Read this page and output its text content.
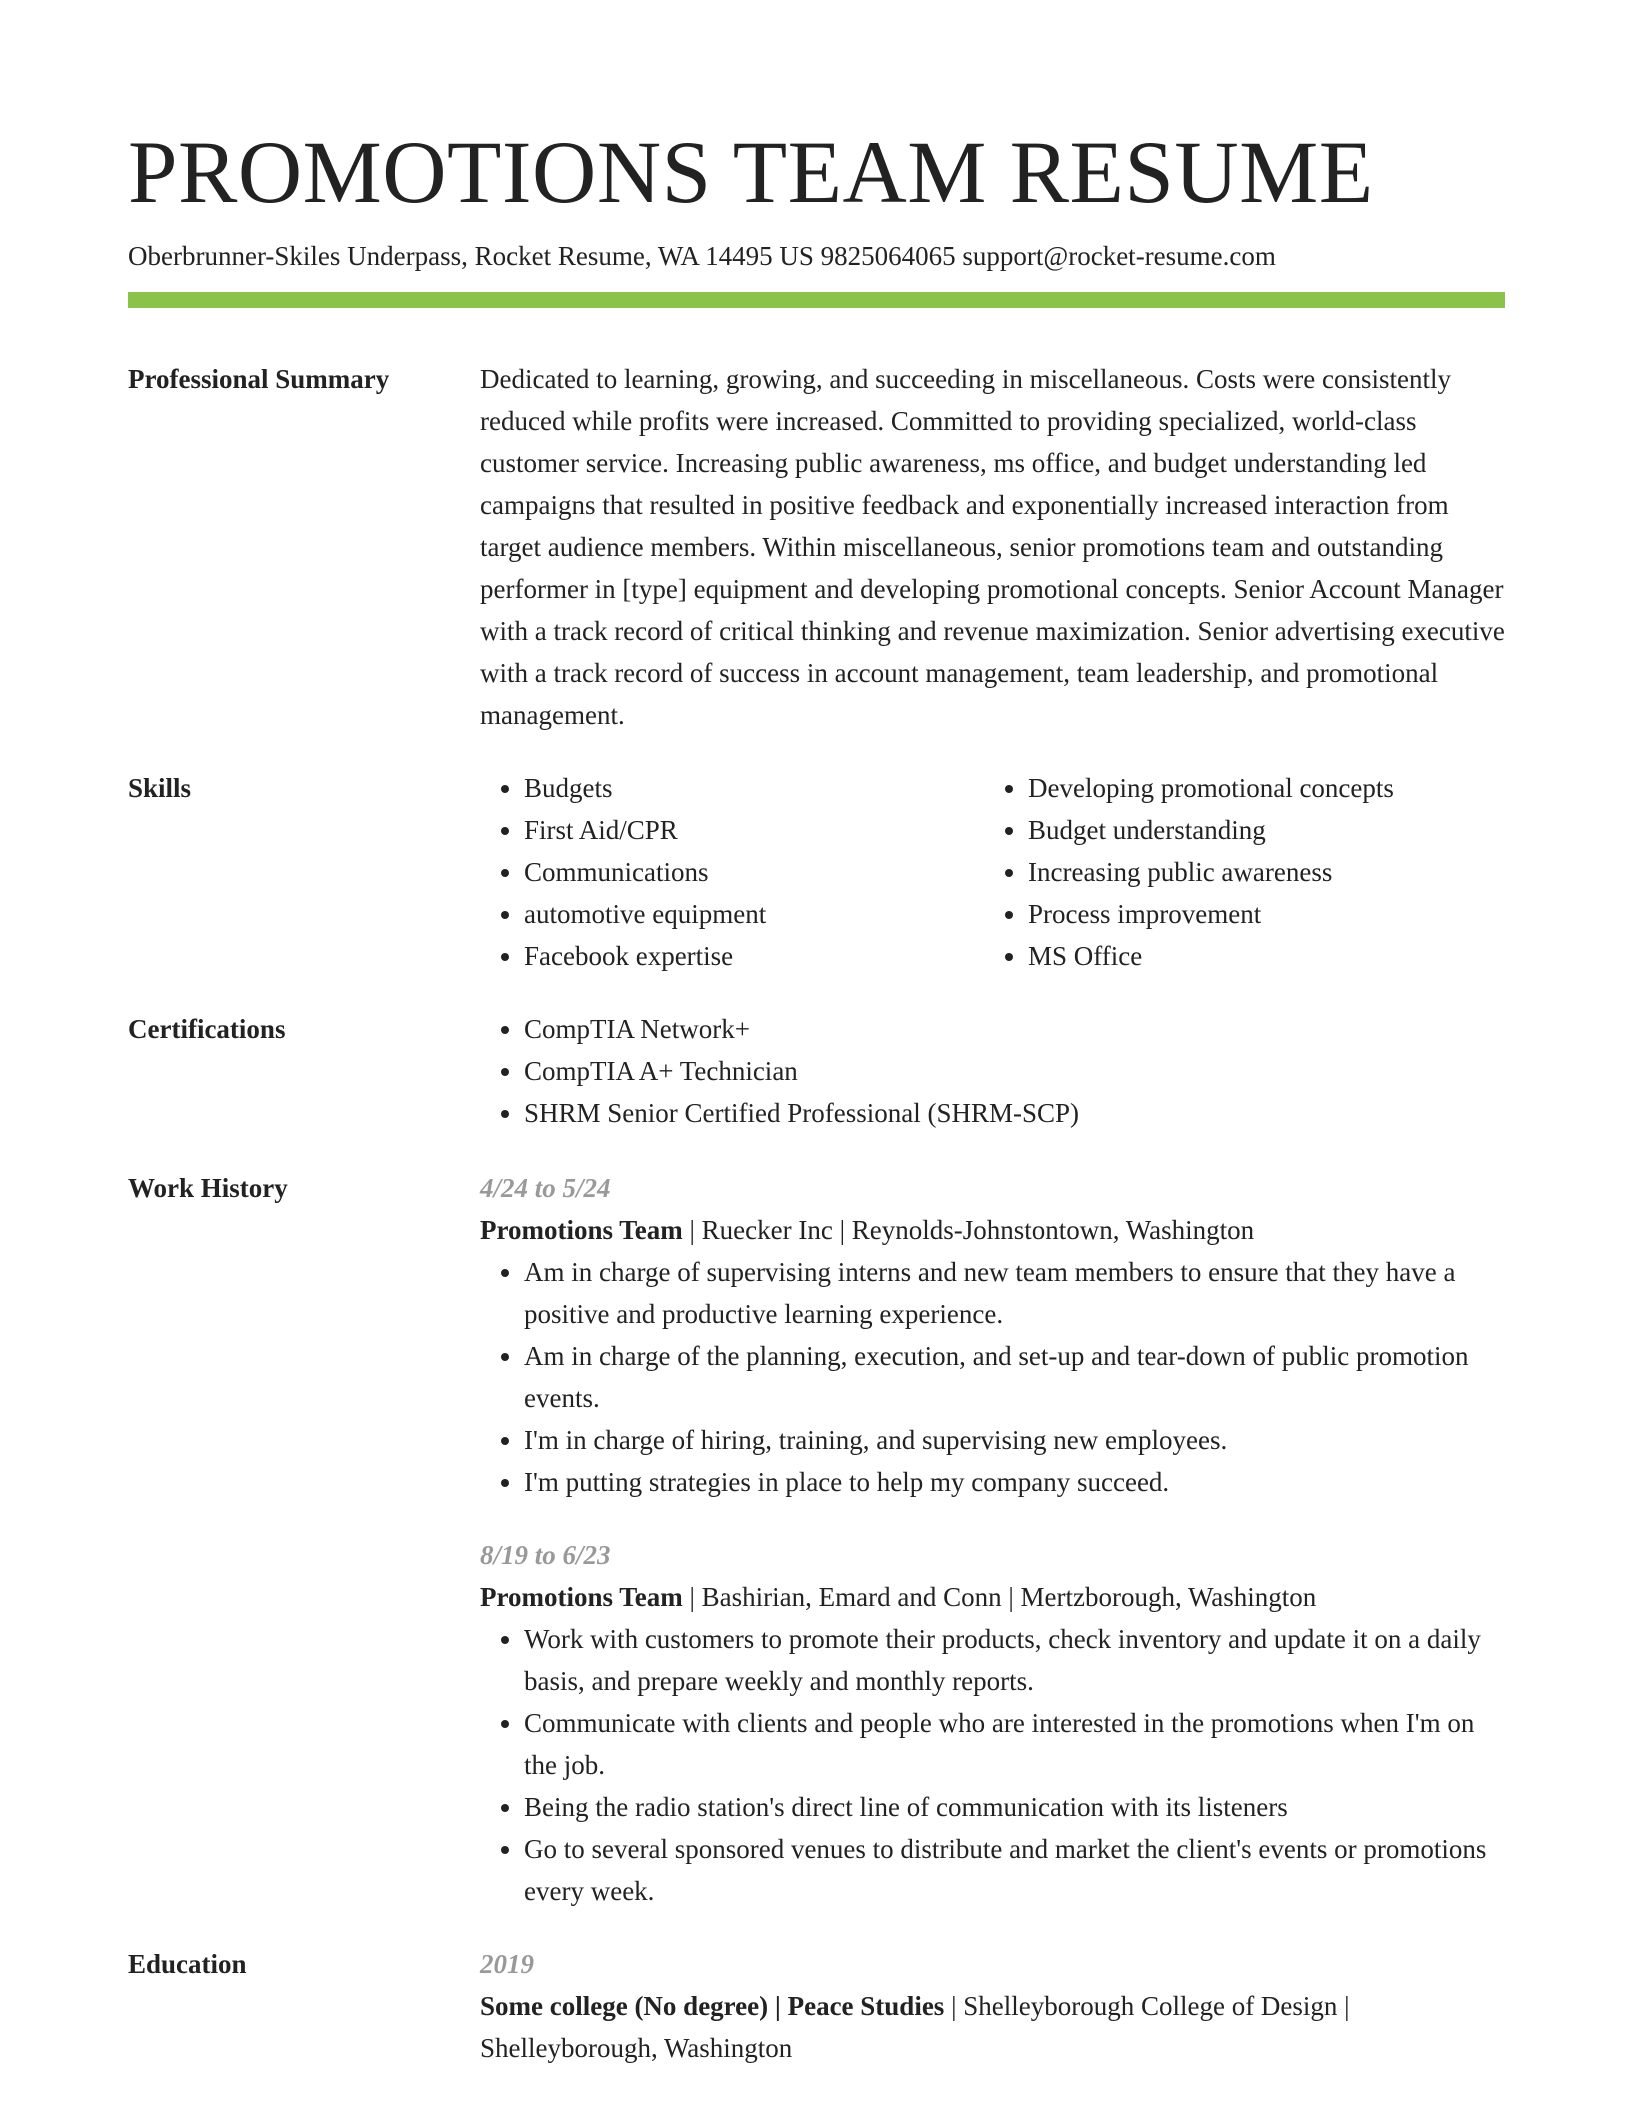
PROMOTIONS TEAM RESUME
Oberbrunner-Skiles Underpass, Rocket Resume, WA 14495 US 9825064065 support@rocket-resume.com
Professional Summary	Dedicated to learning, growing, and succeeding in miscellaneous. Costs were consistently reduced while profits were increased. Committed to providing specialized, world-class customer service. Increasing public awareness, ms office, and budget understanding led campaigns that resulted in positive feedback and exponentially increased interaction from target audience members. Within miscellaneous, senior promotions team and outstanding performer in [type] equipment and developing promotional concepts. Senior Account Manager with a track record of critical thinking and revenue maximization. Senior advertising executive with a track record of success in account management, team leadership, and promotional management.

Skills	• Budgets
• First Aid/CPR
• Communications
• automotive equipment
• Facebook expertise
• Developing promotional concepts
• Budget understanding
• Increasing public awareness
• Process improvement
• MS Office
Certifications	• CompTIA Network+
• CompTIA A+ Technician
• SHRM Senior Certified Professional (SHRM-SCP)
Work History	4/24 to 5/24
Promotions Team | Ruecker Inc | Reynolds-Johnstontown, Washington
• Am in charge of supervising interns and new team members to ensure that they have a positive and productive learning experience.
• Am in charge of the planning, execution, and set-up and tear-down of public promotion events.
• I'm in charge of hiring, training, and supervising new employees.
• I'm putting strategies in place to help my company succeed.
8/19 to 6/23
Promotions Team | Bashirian, Emard and Conn | Mertzborough, Washington
• Work with customers to promote their products, check inventory and update it on a daily basis, and prepare weekly and monthly reports.
• Communicate with clients and people who are interested in the promotions when I'm on the job.
• Being the radio station's direct line of communication with its listeners
• Go to several sponsored venues to distribute and market the client's events or promotions every week.
Education	2019
Some college (No degree) | Peace Studies | Shelleyborough College of Design | Shelleyborough, Washington
